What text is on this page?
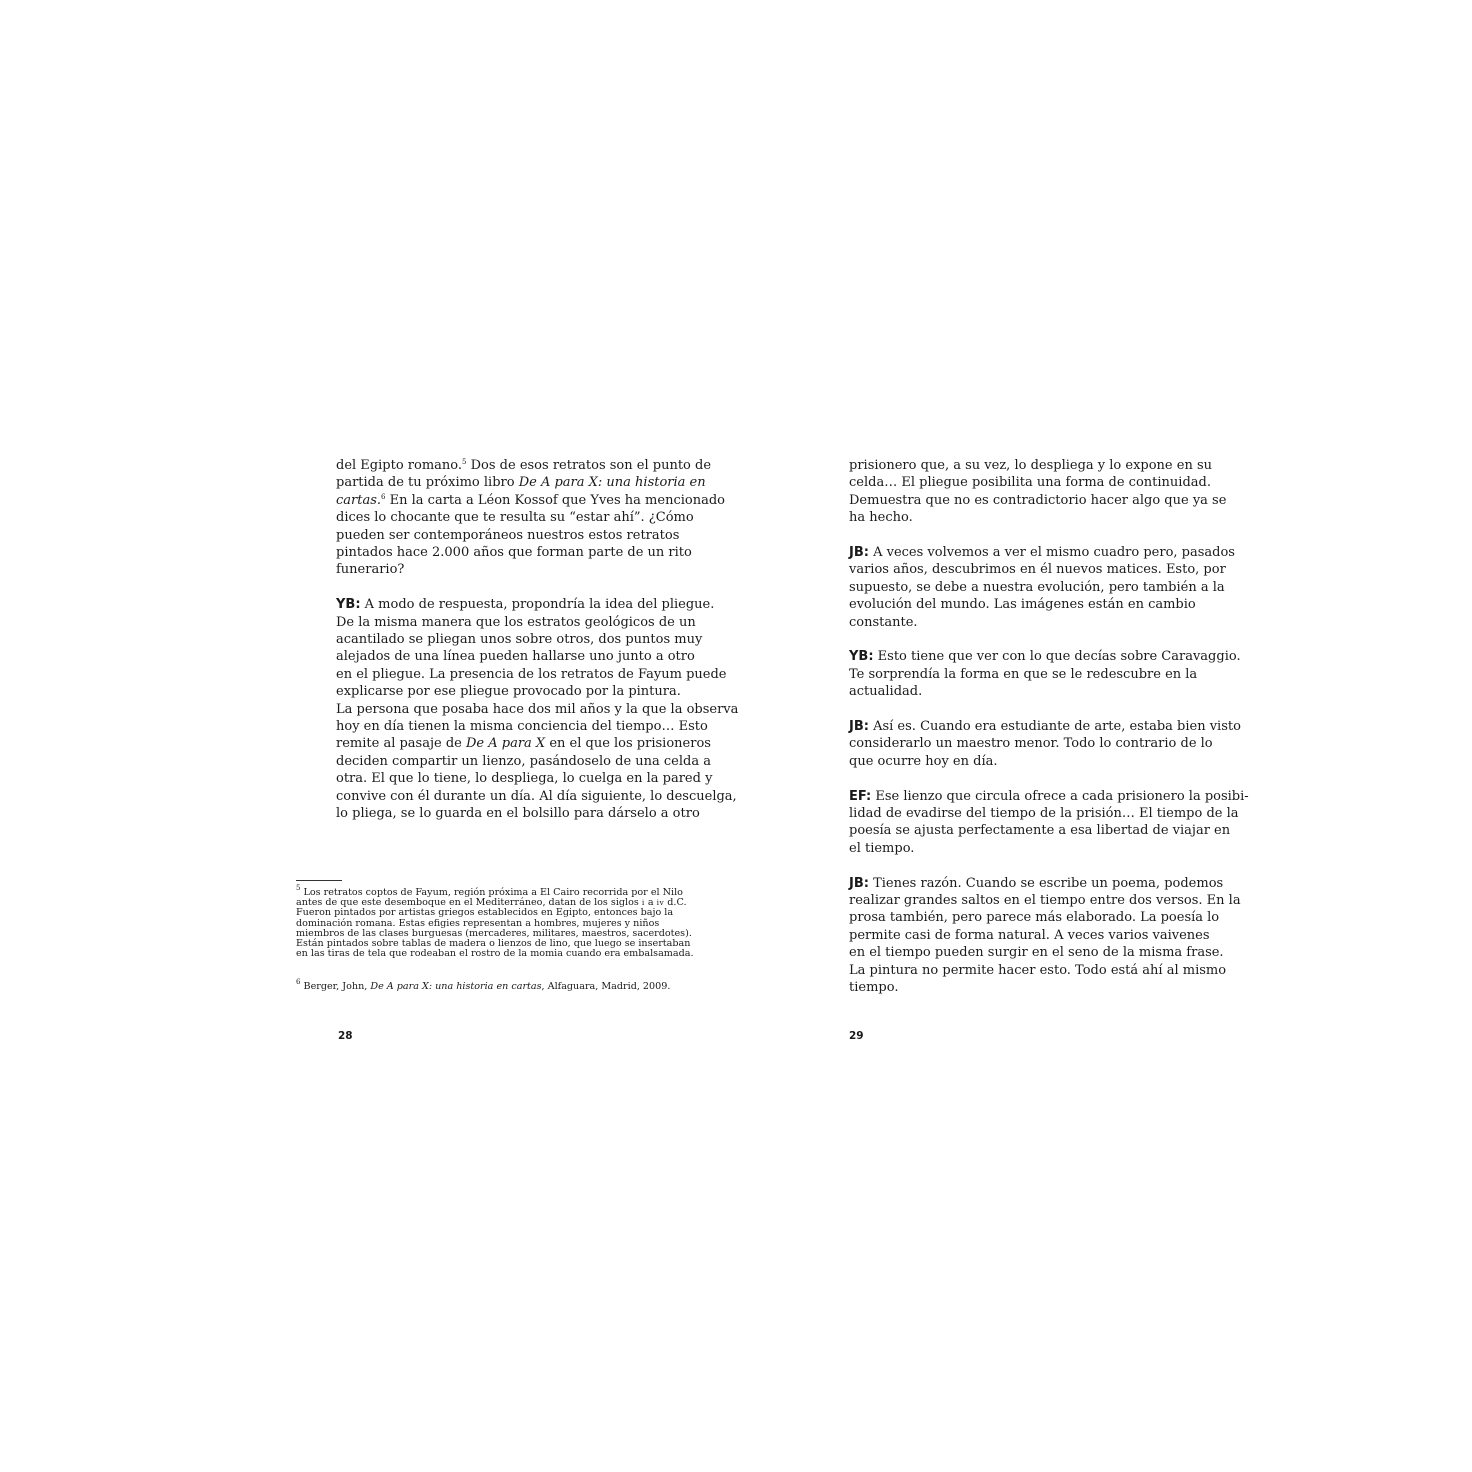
del Egipto romano.$^5$ Dos de esos retratos son el punto de
partida de tu próximo libro De A para X: una historia en
cartas.$^6$ En la carta a Léon Kossof que Yves ha mencionado
dices lo chocante que te resulta su “estar ahí”. ¿Cómo
pueden ser contemporáneos nuestros estos retratos
pintados hace 2.000 años que forman parte de un rito
funerario?
YB: A modo de respuesta, propondría la idea del pliegue.
De la misma manera que los estratos geológicos de un
acantilado se pliegan unos sobre otros, dos puntos muy
alejados de una línea pueden hallarse uno junto a otro
en el pliegue. La presencia de los retratos de Fayum puede
explicarse por ese pliegue provocado por la pintura.
La persona que posaba hace dos mil años y la que la observa
hoy en día tienen la misma conciencia del tiempo… Esto
remite al pasaje de De A para X en el que los prisioneros
deciden compartir un lienzo, pasándoselo de una celda a
otra. El que lo tiene, lo despliega, lo cuelga en la pared y
convive con él durante un día. Al día siguiente, lo descuelga,
lo pliega, se lo guarda en el bolsillo para dárselo a otro
$^5$ Los retratos coptos de Fayum, región próxima a El Cairo recorrida por el Nilo
antes de que este desemboque en el Mediterráneo, datan de los siglos i a iv d.C.
Fueron pintados por artistas griegos establecidos en Egipto, entonces bajo la
dominación romana. Estas efigies representan a hombres, mujeres y niños
miembros de las clases burguesas (mercaderes, militares, maestros, sacerdotes).
Están pintados sobre tablas de madera o lienzos de lino, que luego se insertaban
en las tiras de tela que rodeaban el rostro de la momia cuando era embalsamada.
$^6$ Berger, John, De A para X: una historia en cartas, Alfaguara, Madrid, 2009.
28
prisionero que, a su vez, lo despliega y lo expone en su
celda… El pliegue posibilita una forma de continuidad.
Demuestra que no es contradictorio hacer algo que ya se
ha hecho.
JB: A veces volvemos a ver el mismo cuadro pero, pasados
varios años, descubrimos en él nuevos matices. Esto, por
supuesto, se debe a nuestra evolución, pero también a la
evolución del mundo. Las imágenes están en cambio
constante.
YB: Esto tiene que ver con lo que decías sobre Caravaggio.
Te sorprendía la forma en que se le redescubre en la
actualidad.
JB: Así es. Cuando era estudiante de arte, estaba bien visto
considerarlo un maestro menor. Todo lo contrario de lo
que ocurre hoy en día.
EF: Ese lienzo que circula ofrece a cada prisionero la posibi-
lidad de evadirse del tiempo de la prisión… El tiempo de la
poesía se ajusta perfectamente a esa libertad de viajar en
el tiempo.
JB: Tienes razón. Cuando se escribe un poema, podemos
realizar grandes saltos en el tiempo entre dos versos. En la
prosa también, pero parece más elaborado. La poesía lo
permite casi de forma natural. A veces varios vaivenes
en el tiempo pueden surgir en el seno de la misma frase.
La pintura no permite hacer esto. Todo está ahí al mismo
tiempo.
29
